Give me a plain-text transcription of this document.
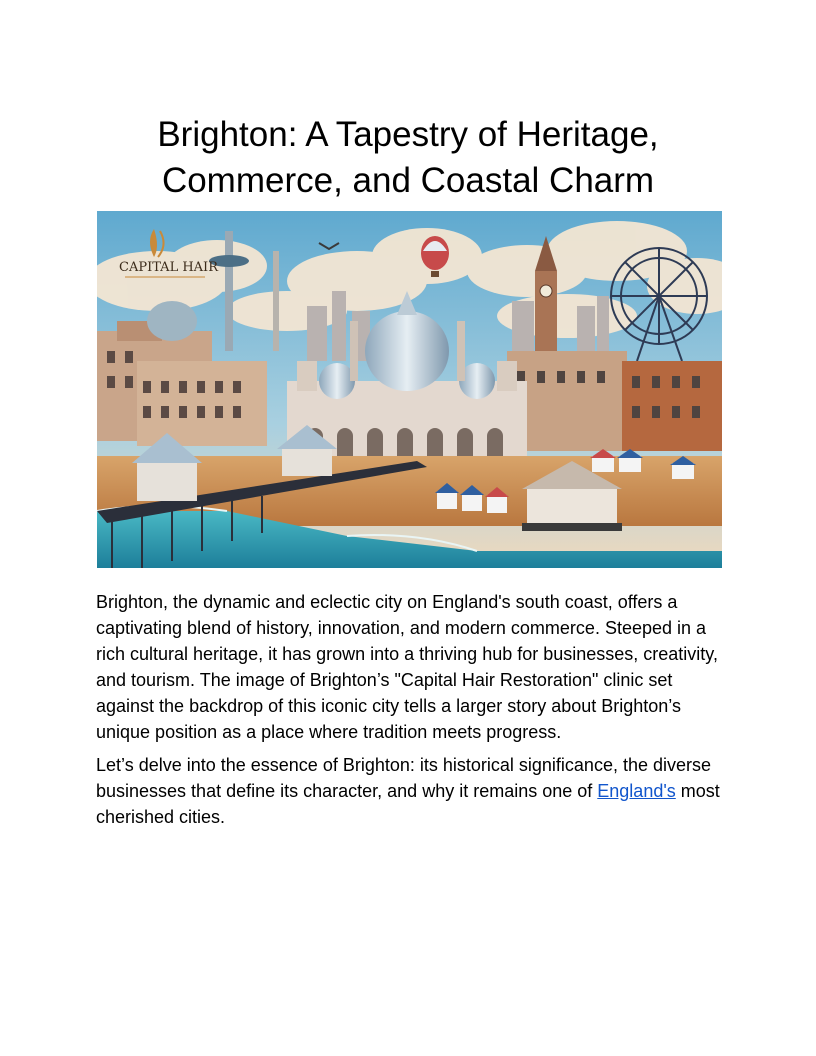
Brighton: A Tapestry of Heritage,
Commerce, and Coastal Charm
CAPITAL HAIR

Brighton, the dynamic and eclectic city on England's south coast, offers a captivating blend of history, innovation, and modern commerce. Steeped in a rich cultural heritage, it has grown into a thriving hub for businesses, creativity, and tourism. The image of Brighton’s "Capital Hair Restoration" clinic set against the backdrop of this iconic city tells a larger story about Brighton’s unique position as a place where tradition meets progress.

Let’s delve into the essence of Brighton: its historical significance, the diverse businesses that define its character, and why it remains one of England's most cherished cities.
